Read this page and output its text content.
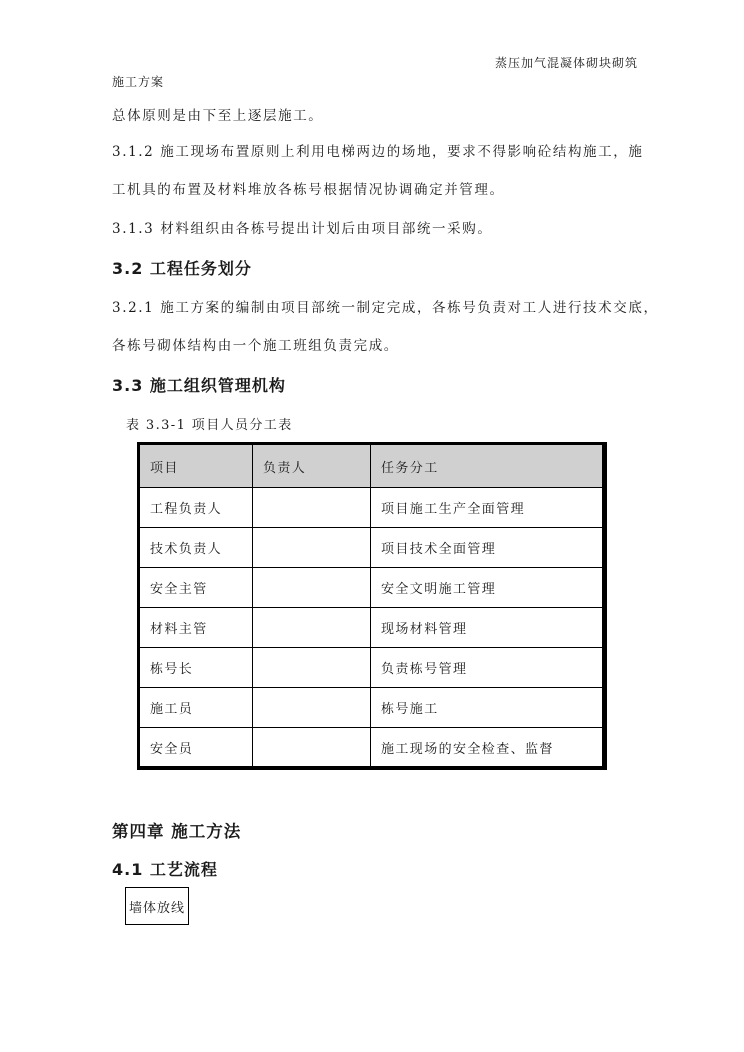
蒸压加气混凝体砌块砌筑
施工方案
总体原则是由下至上逐层施工。
3.1.2 施工现场布置原则上利用电梯两边的场地，要求不得影响砼结构施工，施
工机具的布置及材料堆放各栋号根据情况协调确定并管理。
3.1.3 材料组织由各栋号提出计划后由项目部统一采购。
3.2 工程任务划分
3.2.1 施工方案的编制由项目部统一制定完成，各栋号负责对工人进行技术交底，
各栋号砌体结构由一个施工班组负责完成。
3.3 施工组织管理机构
表 3.3-1 项目人员分工表
项目	负责人	任务分工
工程负责人		项目施工生产全面管理
技术负责人		项目技术全面管理
安全主管		安全文明施工管理
材料主管		现场材料管理
栋号长		负责栋号管理
施工员		栋号施工
安全员		施工现场的安全检查、监督
第四章 施工方法
4.1 工艺流程
墙体放线
